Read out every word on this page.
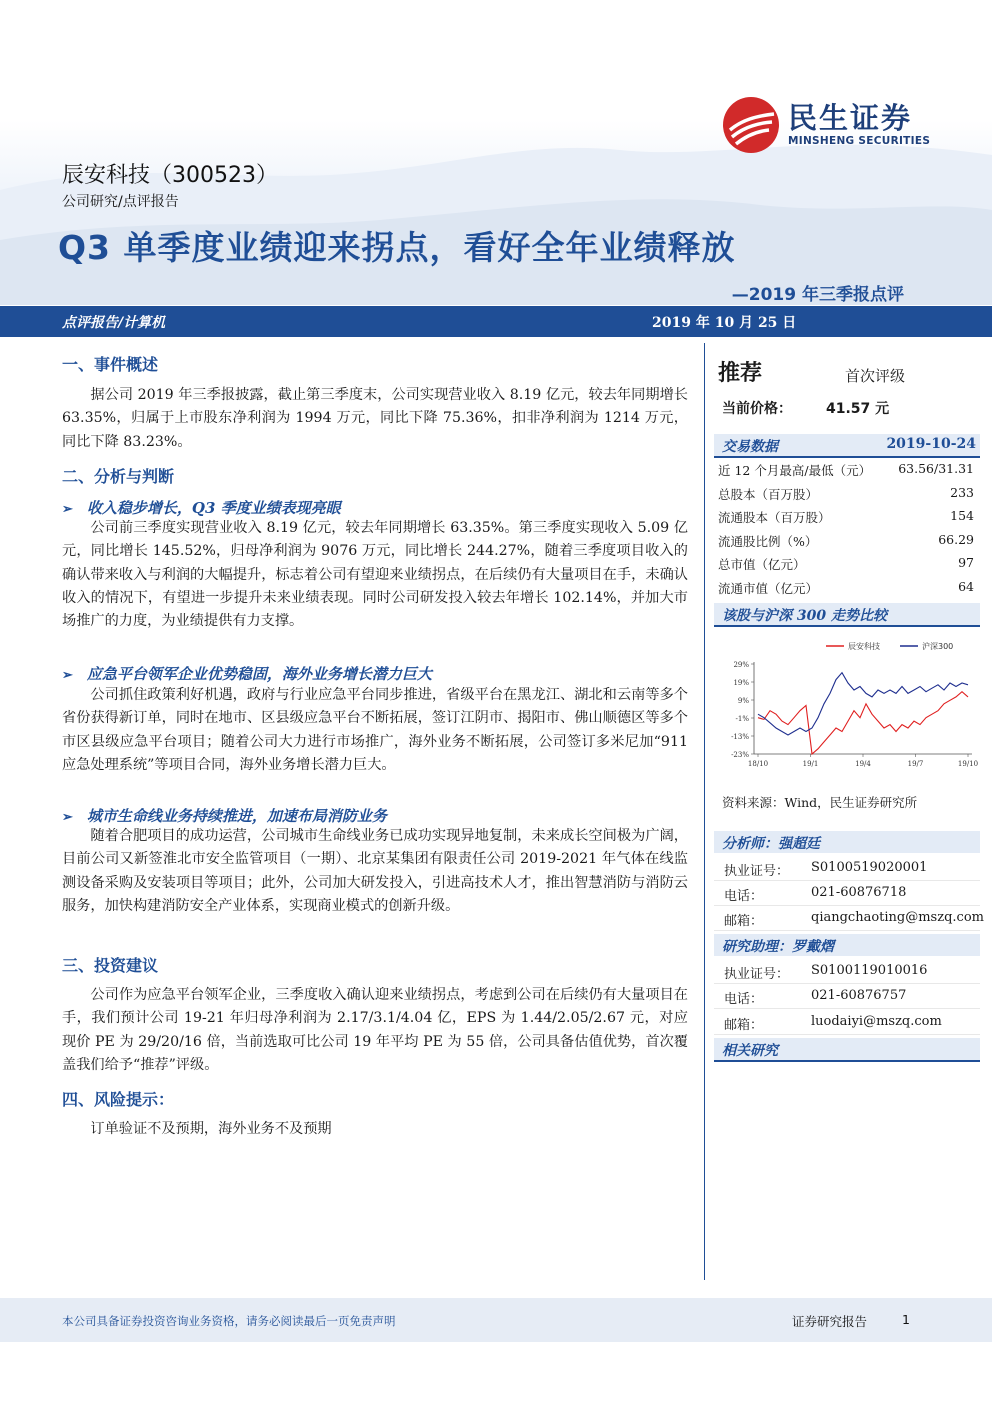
民生证券
MINSHENG SECURITIES
辰安科技（300523）
公司研究/点评报告
Q3 单季度业绩迎来拐点，看好全年业绩释放
—2019 年三季报点评
点评报告/计算机	2019 年 10 月 25 日
一、事件概述
据公司 2019 年三季报披露，截止第三季度末，公司实现营业收入 8.19 亿元，较去年同期增长 63.35%，归属于上市股东净利润为 1994 万元，同比下降 75.36%，扣非净利润为 1214 万元，同比下降 83.23%。
二、分析与判断
➢ 收入稳步增长，Q3 季度业绩表现亮眼
公司前三季度实现营业收入 8.19 亿元，较去年同期增长 63.35%。第三季度实现收入 5.09 亿元，同比增长 145.52%，归母净利润为 9076 万元，同比增长 244.27%，随着三季度项目收入的确认带来收入与利润的大幅提升，标志着公司有望迎来业绩拐点，在后续仍有大量项目在手，未确认收入的情况下，有望进一步提升未来业绩表现。同时公司研发投入较去年增长 102.14%，并加大市场推广的力度，为业绩提供有力支撑。
➢ 应急平台领军企业优势稳固，海外业务增长潜力巨大
公司抓住政策利好机遇，政府与行业应急平台同步推进，省级平台在黑龙江、湖北和云南等多个省份获得新订单，同时在地市、区县级应急平台不断拓展，签订江阴市、揭阳市、佛山顺德区等多个市区县级应急平台项目；随着公司大力进行市场推广，海外业务不断拓展，公司签订多米尼加“911 应急处理系统”等项目合同，海外业务增长潜力巨大。
➢ 城市生命线业务持续推进，加速布局消防业务
随着合肥项目的成功运营，公司城市生命线业务已成功实现异地复制，未来成长空间极为广阔，目前公司又新签淮北市安全监管项目（一期）、北京某集团有限责任公司 2019-2021 年气体在线监测设备采购及安装项目等项目；此外，公司加大研发投入，引进高技术人才，推出智慧消防与消防云服务，加快构建消防安全产业体系，实现商业模式的创新升级。
三、投资建议
公司作为应急平台领军企业，三季度收入确认迎来业绩拐点，考虑到公司在后续仍有大量项目在手，我们预计公司 19-21 年归母净利润为 2.17/3.1/4.04 亿，EPS 为 1.44/2.05/2.67 元，对应现价 PE 为 29/20/16 倍，当前选取可比公司 19 年平均 PE 为 55 倍，公司具备估值优势，首次覆盖我们给予“推荐”评级。
四、风险提示：
订单验证不及预期，海外业务不及预期
推荐	首次评级
当前价格： 41.57 元
交易数据	2019-10-24
近 12 个月最高/最低（元） 63.56/31.31
总股本（百万股）	233
流通股本（百万股）	154
流通股比例（%）	66.29
总市值（亿元）	97
流通市值（亿元）	64
该股与沪深 300 走势比较
辰安科技	沪深300
29%
19%
9%
-1%
-13%
-23%
18/10	19/1	19/4	19/7	19/10
资料来源：Wind，民生证券研究所
分析师：强超廷
执业证号： S0100519020001
电话：	021-60876718
邮箱：	qiangchaoting@mszq.com
研究助理：罗戴熠
执业证号： S0100119010016
电话：	021-60876757
邮箱：	luodaiyi@mszq.com
相关研究
本公司具备证券投资咨询业务资格，请务必阅读最后一页免责声明	证券研究报告	1
